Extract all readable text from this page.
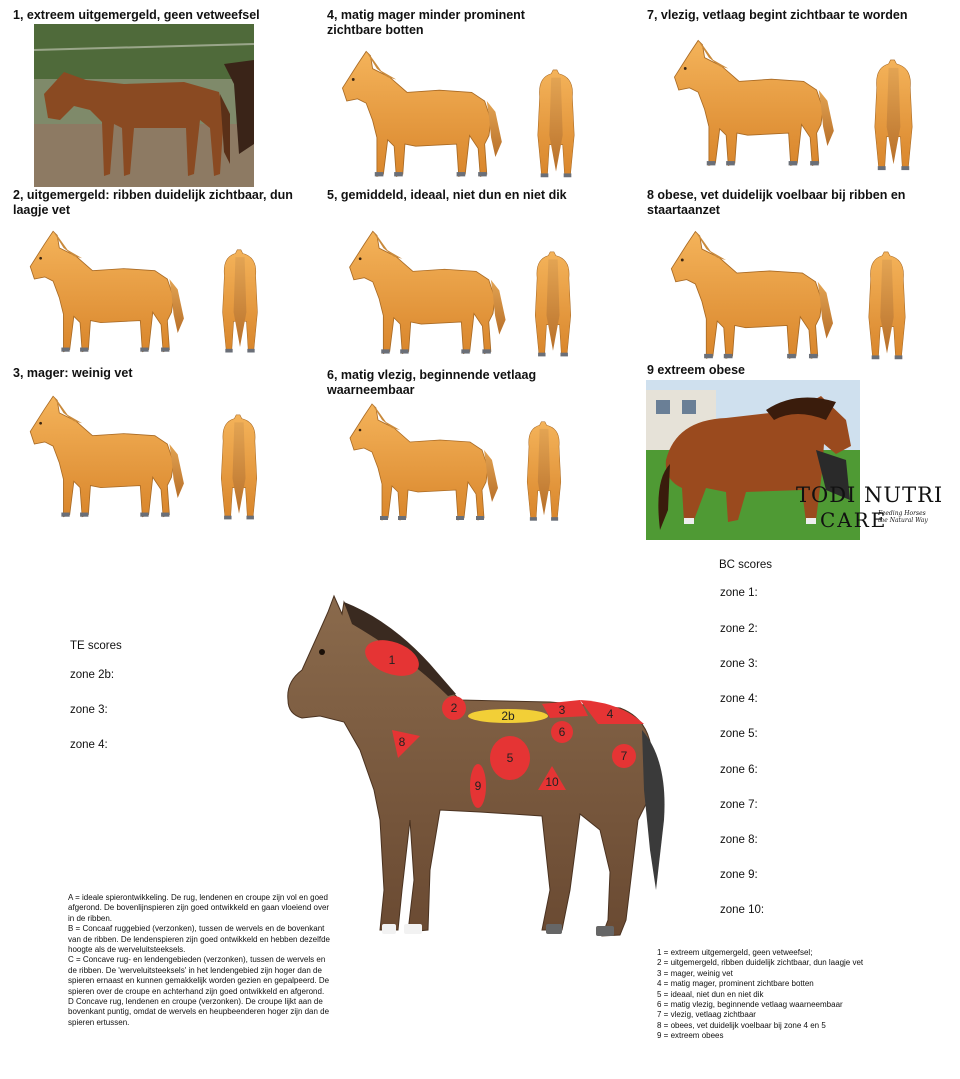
1, extreem uitgemergeld, geen vetweefsel
2, uitgemergeld: ribben duidelijk zichtbaar, dun laagje vet
3, mager: weinig vet
4, matig mager minder prominent zichtbare botten
5, gemiddeld, ideaal, niet dun en niet dik
6, matig vlezig, beginnende vetlaag waarneembaar
7, vlezig, vetlaag begint zichtbaar te worden
8 obese, vet duidelijk voelbaar bij ribben en staartaanzet
9 extreem obese
TODI NUTRI
CARE
Feeding Horses the Natural Way
TE scores
zone 2b:
zone 3:
zone 4:
BC scores
zone 1:
zone 2:
zone 3:
zone 4:
zone 5:
zone 6:
zone 7:
zone 8:
zone 9:
zone 10:
1
2
2b	3	4
5
6
7
8
9	10
A = ideale spierontwikkeling. De rug, lendenen en croupe zijn vol en goed afgerond. De bovenlijnspieren zijn goed ontwikkeld en gaan vloeiend over in de ribben.
B = Concaaf ruggebied (verzonken), tussen de wervels en de bovenkant van de ribben. De lendenspieren zijn goed ontwikkeld en hebben dezelfde hoogte als de werveluitsteeksels.
C = Concave rug- en lendengebieden (verzonken), tussen de wervels en de ribben. De 'werveluitsteeksels' in het lendengebied zijn hoger dan de spieren ernaast en kunnen gemakkelijk worden gezien en gepalpeerd. De spieren over de croupe en achterhand zijn goed ontwikkeld en afgerond.
D Concave rug, lendenen en croupe (verzonken). De croupe lijkt aan de bovenkant puntig, omdat de wervels en heupbeenderen hoger zijn dan de spieren ertussen.
1 = extreem uitgemergeld, geen vetweefsel;
2 = uitgemergeld, ribben duidelijk zichtbaar, dun laagje vet
3 = mager, weinig vet
4 = matig mager, prominent zichtbare botten
5 = ideaal, niet dun en niet dik
6 = matig vlezig, beginnende vetlaag waarneembaar
7 = vlezig, vetlaag zichtbaar
8 = obees, vet duidelijk voelbaar bij zone 4 en 5
9 = extreem obees
